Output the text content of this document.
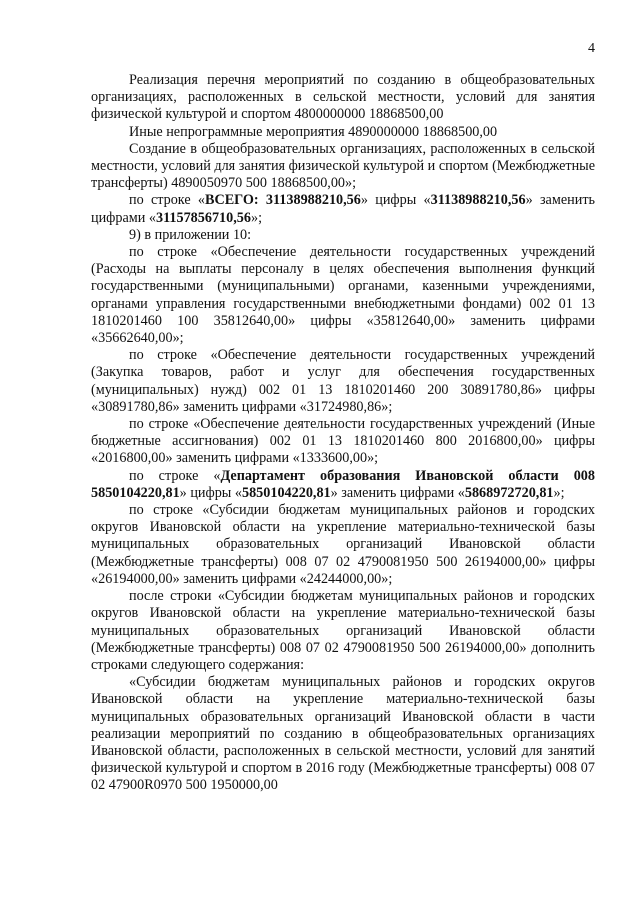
4

Реализация перечня мероприятий по созданию в общеобразовательных организациях, расположенных в сельской местности, условий для занятия физической культурой и спортом 4800000000 18868500,00

Иные непрограммные мероприятия 4890000000 18868500,00

Создание в общеобразовательных организациях, расположенных в сельской местности, условий для занятия физической культурой и спортом (Межбюджетные трансферты) 4890050970 500 18868500,00»;

по строке «ВСЕГО: 31138988210,56» цифры «31138988210,56» заменить цифрами «31157856710,56»;

9) в приложении 10:

по строке «Обеспечение деятельности государственных учреждений (Расходы на выплаты персоналу в целях обеспечения выполнения функций государственными (муниципальными) органами, казенными учреждениями, органами управления государственными внебюджетными фондами) 002 01 13 1810201460 100 35812640,00» цифры «35812640,00» заменить цифрами «35662640,00»;

по строке «Обеспечение деятельности государственных учреждений (Закупка товаров, работ и услуг для обеспечения государственных (муниципальных) нужд) 002 01 13 1810201460 200 30891780,86» цифры «30891780,86» заменить цифрами «31724980,86»;

по строке «Обеспечение деятельности государственных учреждений (Иные бюджетные ассигнования) 002 01 13 1810201460 800 2016800,00» цифры «2016800,00» заменить цифрами «1333600,00»;

по строке «Департамент образования Ивановской области 008 5850104220,81» цифры «5850104220,81» заменить цифрами «5868972720,81»;

по строке «Субсидии бюджетам муниципальных районов и городских округов Ивановской области на укрепление материально-технической базы муниципальных образовательных организаций Ивановской области (Межбюджетные трансферты) 008 07 02 4790081950 500 26194000,00» цифры «26194000,00» заменить цифрами «24244000,00»;

после строки «Субсидии бюджетам муниципальных районов и городских округов Ивановской области на укрепление материально-технической базы муниципальных образовательных организаций Ивановской области (Межбюджетные трансферты) 008 07 02 4790081950 500 26194000,00» дополнить строками следующего содержания:

«Субсидии бюджетам муниципальных районов и городских округов Ивановской области на укрепление материально-технической базы муниципальных образовательных организаций Ивановской области в части реализации мероприятий по созданию в общеобразовательных организациях Ивановской области, расположенных в сельской местности, условий для занятий физической культурой и спортом в 2016 году (Межбюджетные трансферты) 008 07 02 47900R0970 500 1950000,00
